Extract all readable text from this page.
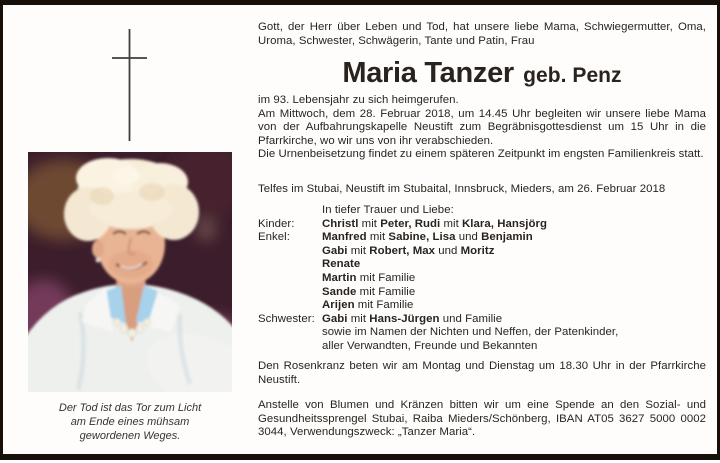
Der Tod ist das Tor zum Licht
am Ende eines mühsam
gewordenen Weges.

Gott, der Herr über Leben und Tod, hat unsere liebe Mama, Schwiegermutter, Oma, Uroma, Schwester, Schwägerin, Tante und Patin, Frau

Maria Tanzer geb. Penz

im 93. Lebensjahr zu sich heimgerufen.

Am Mittwoch, dem 28. Februar 2018, um 14.45 Uhr begleiten wir unsere liebe Mama von der Aufbahrungskapelle Neustift zum Begräbnisgottesdienst um 15 Uhr in die Pfarrkirche, wo wir uns von ihr verabschieden.

Die Urnenbeisetzung findet zu einem späteren Zeitpunkt im engsten Familienkreis statt.

Telfes im Stubai, Neustift im Stubaital, Innsbruck, Mieders, am 26. Februar 2018

In tiefer Trauer und Liebe:
Kinder:	Christl mit Peter, Rudi mit Klara, Hansjörg
Enkel:	Manfred mit Sabine, Lisa und Benjamin
Gabi mit Robert, Max und Moritz
Renate
Martin mit Familie
Sande mit Familie
Arijen mit Familie
Schwester: Gabi mit Hans-Jürgen und Familie
sowie im Namen der Nichten und Neffen, der Patenkinder,
aller Verwandten, Freunde und Bekannten

Den Rosenkranz beten wir am Montag und Dienstag um 18.30 Uhr in der Pfarrkirche Neustift.

Anstelle von Blumen und Kränzen bitten wir um eine Spende an den Sozial- und Gesundheitssprengel Stubai, Raiba Mieders/Schönberg, IBAN AT05 3627 5000 0002 3044, Verwendungszweck: „Tanzer Maria“.
